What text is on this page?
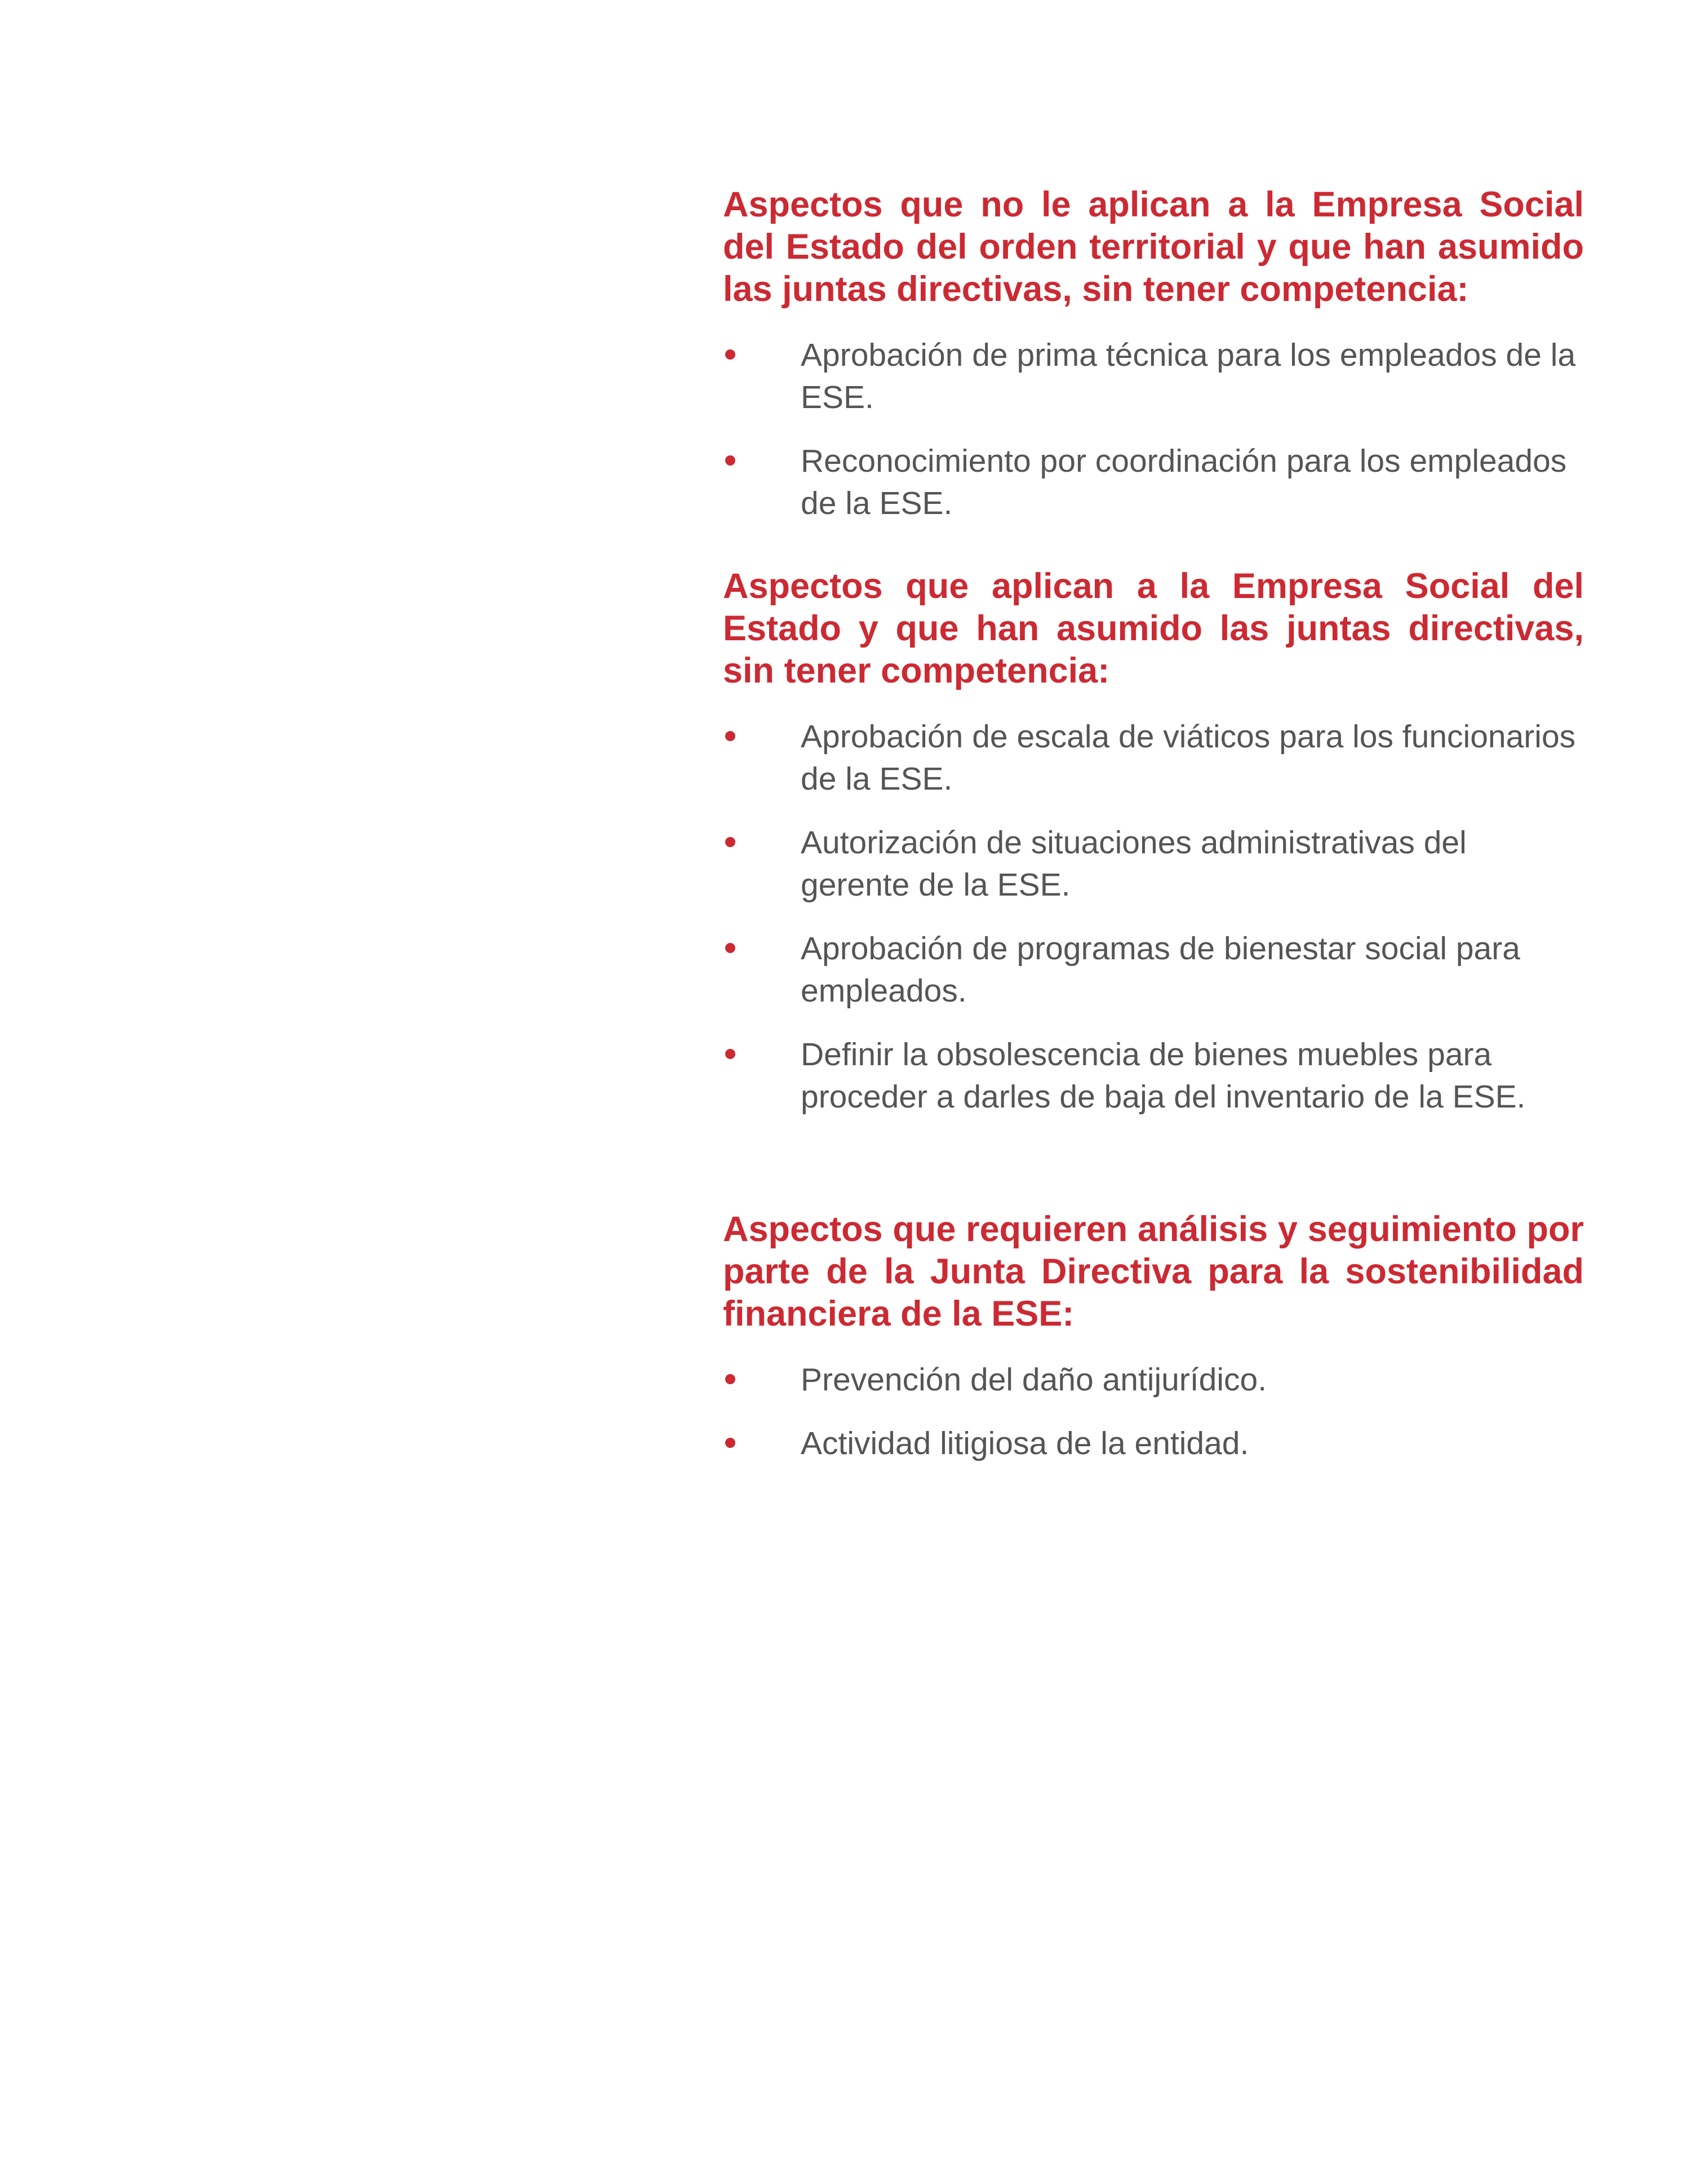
Aspectos que no le aplican a la Empresa Social del Estado del orden territorial y que han asumido las juntas directivas, sin tener competencia:
Aprobación de prima técnica para los empleados de la ESE.
Reconocimiento por coordinación para los empleados de la ESE.
Aspectos que aplican a la Empresa Social del Estado y que han asumido las juntas directivas, sin tener competencia:
Aprobación de escala de viáticos para los funcionarios de la ESE.
Autorización de situaciones administrativas del gerente de la ESE.
Aprobación de programas de bienestar social para empleados.
Definir la obsolescencia de bienes muebles para proceder a darles de baja del inventario de la ESE.
Aspectos que requieren análisis y seguimiento por parte de la Junta Directiva para la sostenibilidad financiera de la ESE:
Prevención del daño antijurídico.
Actividad litigiosa de la entidad.
